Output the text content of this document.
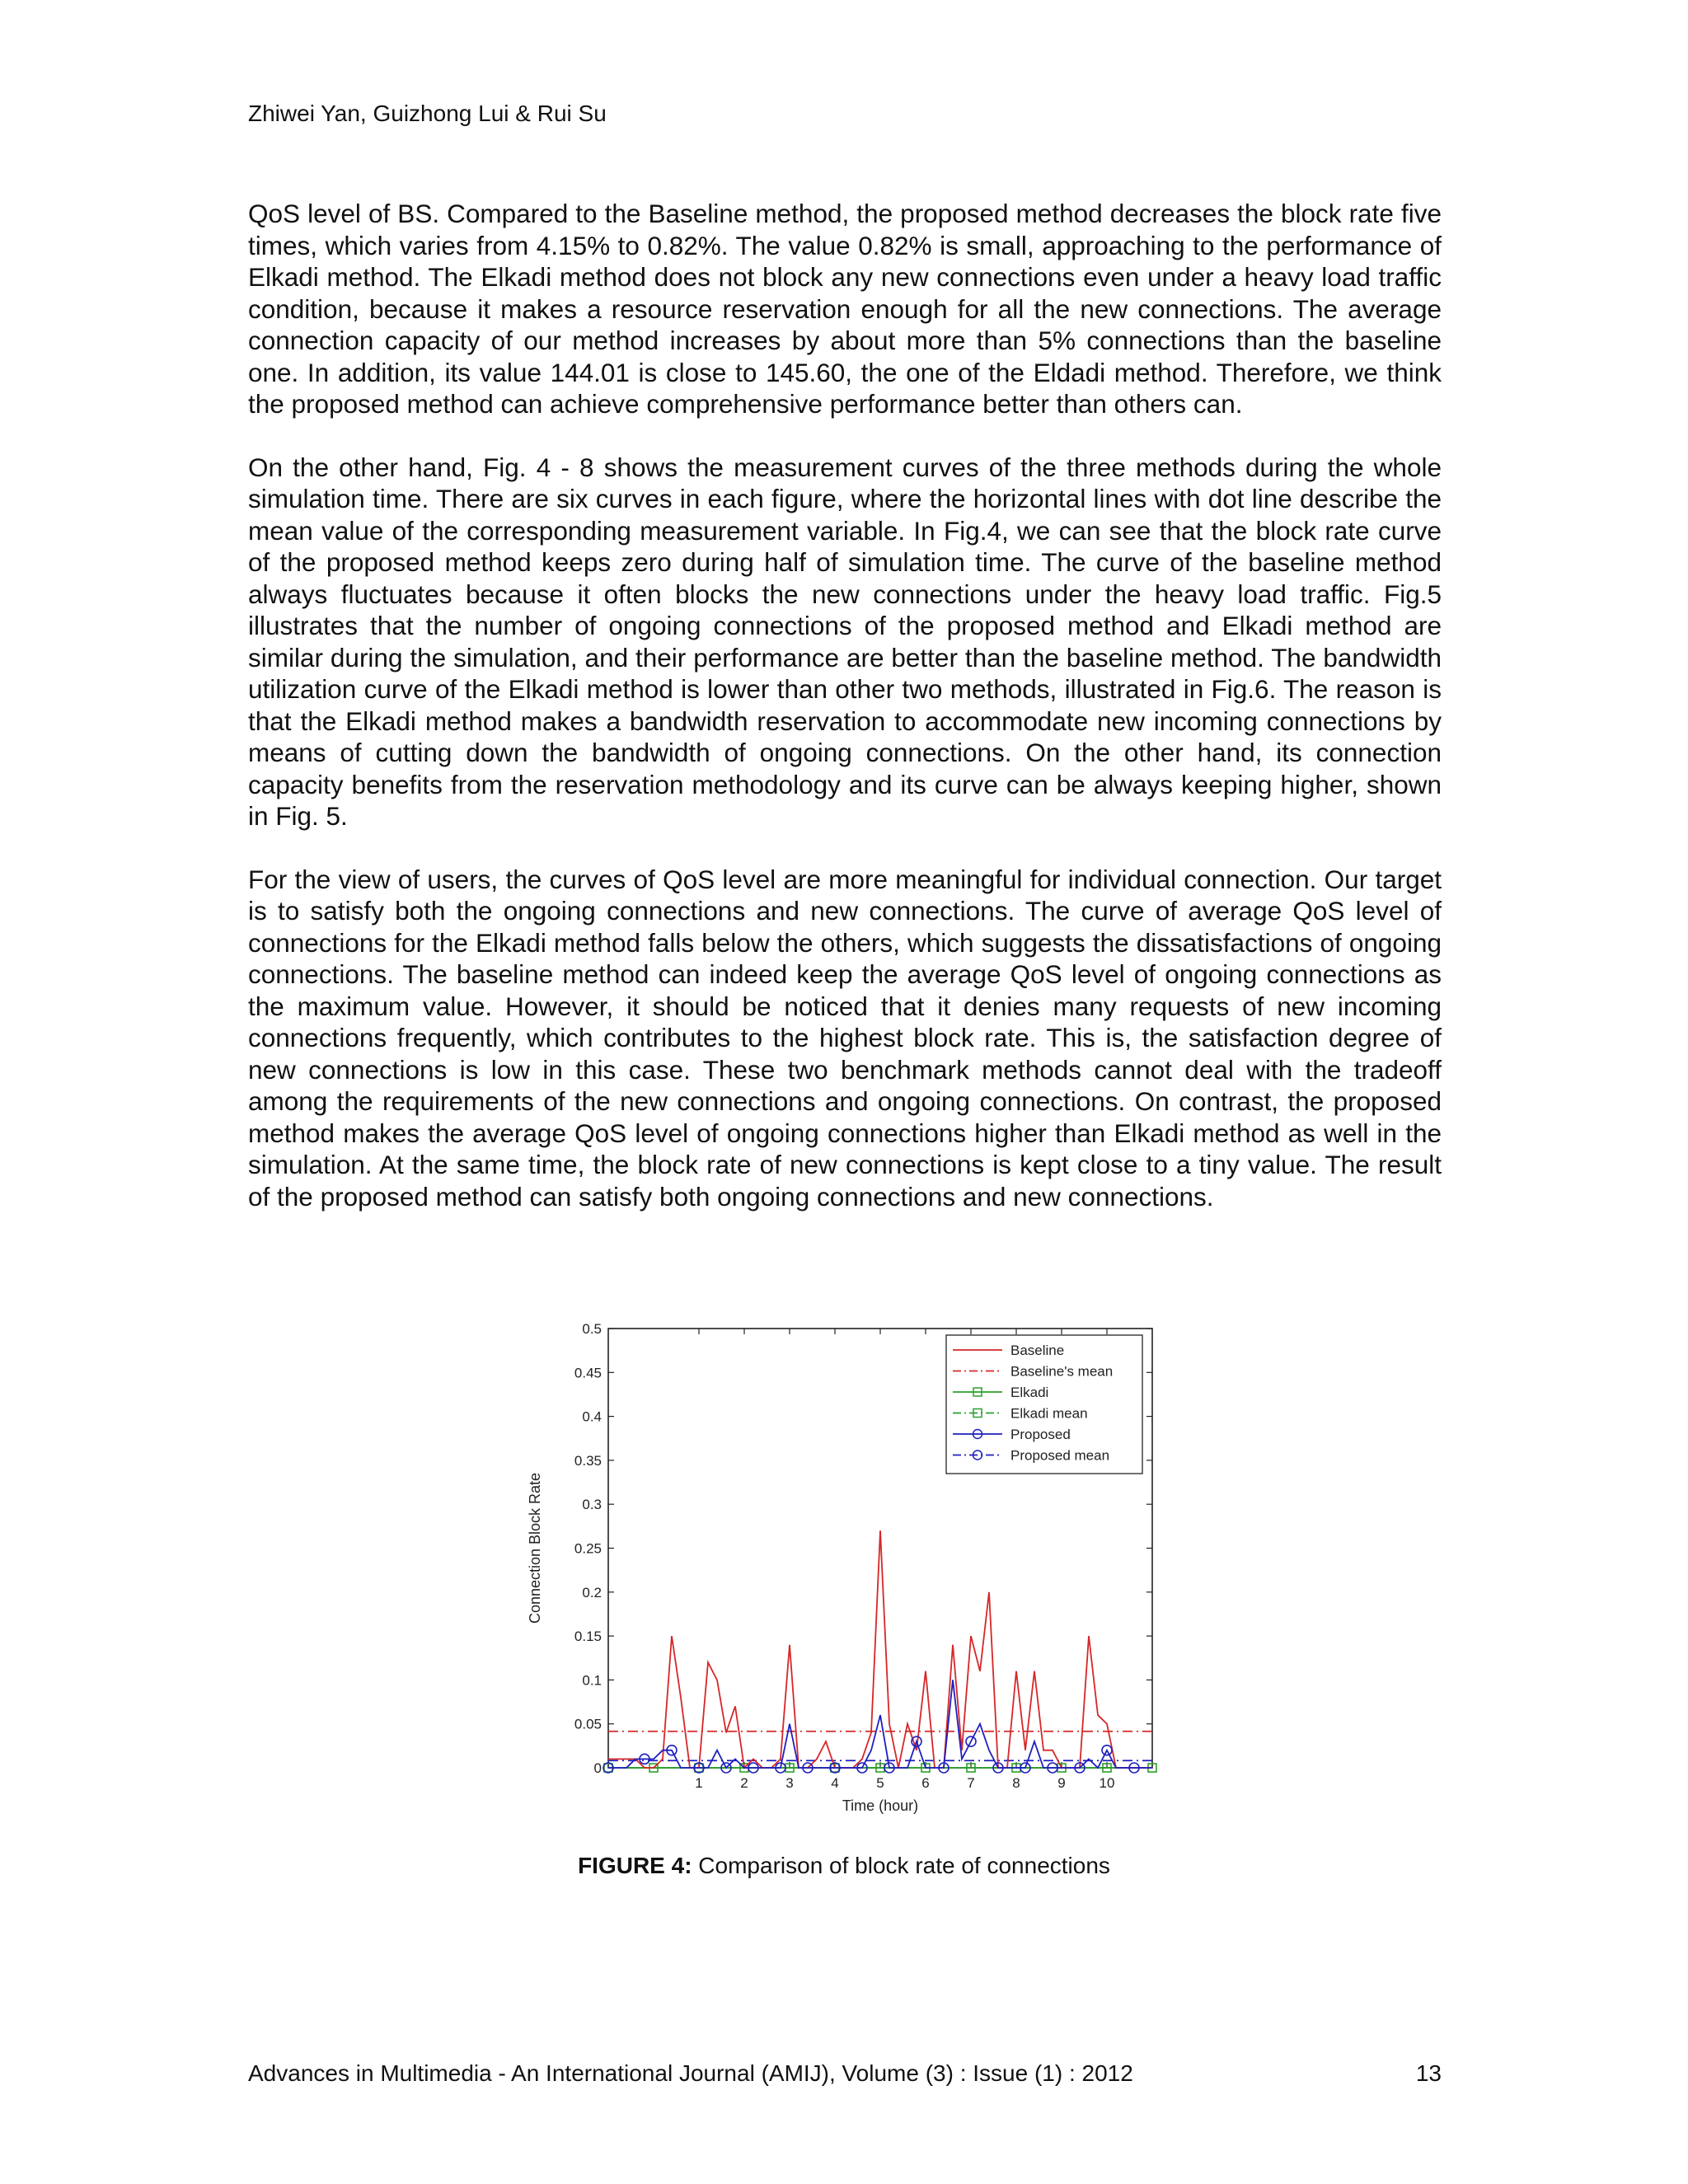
Zhiwei Yan, Guizhong Lui & Rui Su

QoS level of BS. Compared to the Baseline method, the proposed method decreases the block rate five times, which varies from 4.15% to 0.82%. The value 0.82% is small, approaching to the performance of Elkadi method. The Elkadi method does not block any new connections even under a heavy load traffic condition, because it makes a resource reservation enough for all the new connections. The average connection capacity of our method increases by about more than 5% connections than the baseline one. In addition, its value 144.01 is close to 145.60, the one of the Eldadi method. Therefore, we think the proposed method can achieve comprehensive performance better than others can.

On the other hand, Fig. 4 - 8 shows the measurement curves of the three methods during the whole simulation time. There are six curves in each figure, where the horizontal lines with dot line describe the mean value of the corresponding measurement variable. In Fig.4, we can see that the block rate curve of the proposed method keeps zero during half of simulation time. The curve of the baseline method always fluctuates because it often blocks the new connections under the heavy load traffic. Fig.5 illustrates that the number of ongoing connections of the proposed method and Elkadi method are similar during the simulation, and their performance are better than the baseline method. The bandwidth utilization curve of the Elkadi method is lower than other two methods, illustrated in Fig.6. The reason is that the Elkadi method makes a bandwidth reservation to accommodate new incoming connections by means of cutting down the bandwidth of ongoing connections. On the other hand, its connection capacity benefits from the reservation methodology and its curve can be always keeping higher, shown in Fig. 5.

For the view of users, the curves of QoS level are more meaningful for individual connection. Our target is to satisfy both the ongoing connections and new connections. The curve of average QoS level of connections for the Elkadi method falls below the others, which suggests the dissatisfactions of ongoing connections. The baseline method can indeed keep the average QoS level of ongoing connections as the maximum value. However, it should be noticed that it denies many requests of new incoming connections frequently, which contributes to the highest block rate. This is, the satisfaction degree of new connections is low in this case. These two benchmark methods cannot deal with the tradeoff among the requirements of the new connections and ongoing connections. On contrast, the proposed method makes the average QoS level of ongoing connections higher than Elkadi method as well in the simulation. At the same time, the block rate of new connections is kept close to a tiny value. The result of the proposed method can satisfy both ongoing connections and new connections.

0
0.05
0.1
0.15
0.2
0.25
0.3
0.35
0.4
0.45
0.5
1	2	3	4	5	6	7	8	9 10
Time (hour)
Connection Block Rate
Baseline
Baseline's mean
Elkadi
Elkadi mean
Proposed
Proposed mean
FIGURE 4: Comparison of block rate of connections
Advances in Multimedia - An International Journal (AMIJ), Volume (3) : Issue (1) : 2012	13
